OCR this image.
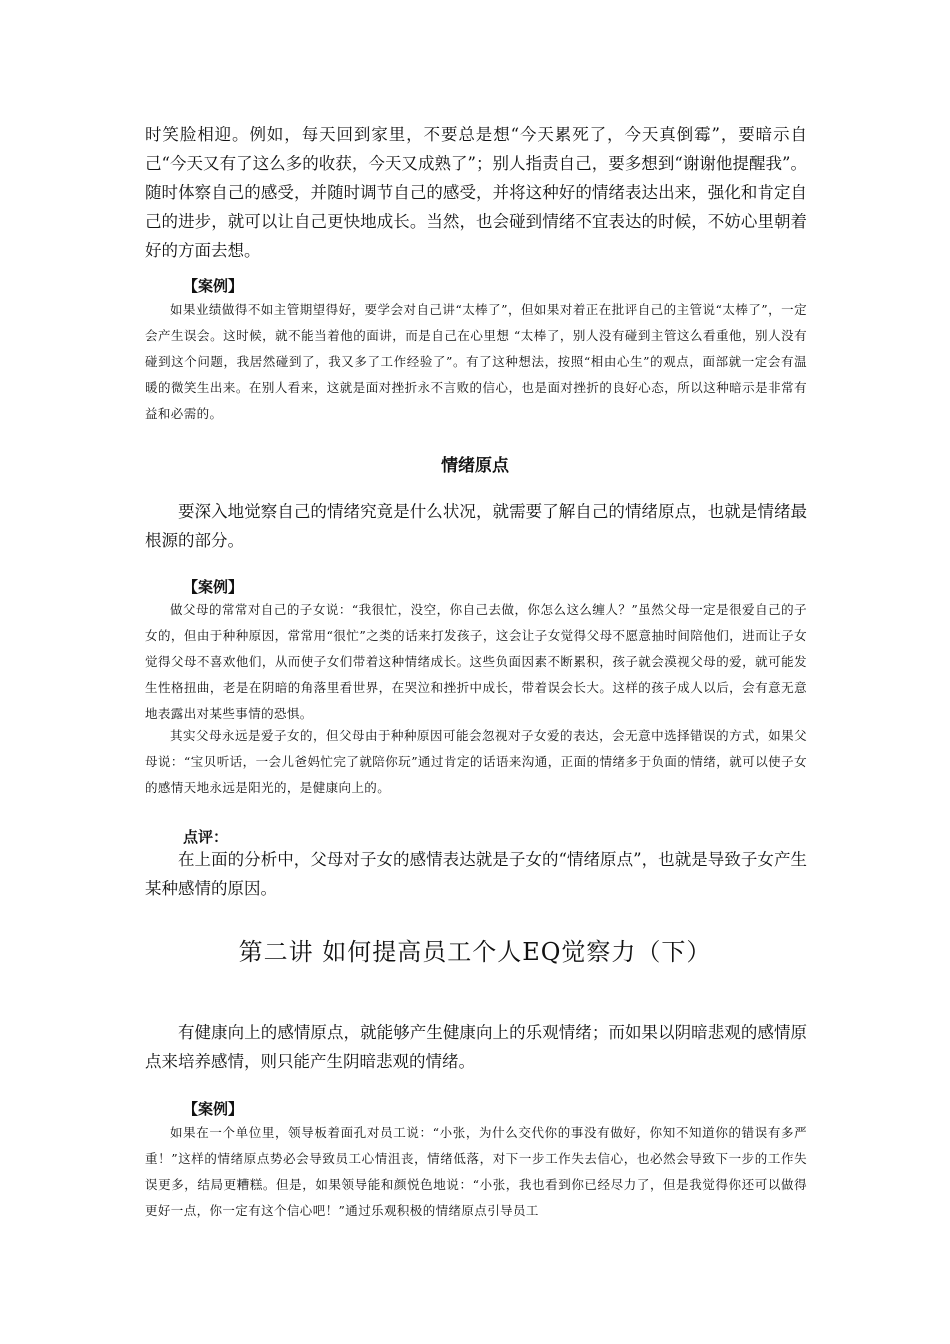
时笑脸相迎。例如，每天回到家里，不要总是想“今天累死了，今天真倒霉”，要暗示自己“今天又有了这么多的收获，今天又成熟了”；别人指责自己，要多想到“谢谢他提醒我”。随时体察自己的感受，并随时调节自己的感受，并将这种好的情绪表达出来，强化和肯定自己的进步，就可以让自己更快地成长。当然，也会碰到情绪不宜表达的时候，不妨心里朝着好的方面去想。

【案例】

如果业绩做得不如主管期望得好，要学会对自己讲“太棒了”，但如果对着正在批评自己的主管说“太棒了”，一定会产生误会。这时候，就不能当着他的面讲，而是自己在心里想 “太棒了，别人没有碰到主管这么看重他，别人没有碰到这个问题，我居然碰到了，我又多了工作经验了”。有了这种想法，按照“相由心生”的观点，面部就一定会有温暖的微笑生出来。在别人看来，这就是面对挫折永不言败的信心，也是面对挫折的良好心态，所以这种暗示是非常有益和必需的。

情绪原点

要深入地觉察自己的情绪究竟是什么状况，就需要了解自己的情绪原点，也就是情绪最根源的部分。

【案例】

做父母的常常对自己的子女说：“我很忙，没空，你自己去做，你怎么这么缠人？”虽然父母一定是很爱自己的子女的，但由于种种原因，常常用“很忙”之类的话来打发孩子，这会让子女觉得父母不愿意抽时间陪他们，进而让子女觉得父母不喜欢他们，从而使子女们带着这种情绪成长。这些负面因素不断累积，孩子就会漠视父母的爱，就可能发生性格扭曲，老是在阴暗的角落里看世界，在哭泣和挫折中成长，带着误会长大。这样的孩子成人以后，会有意无意地表露出对某些事情的恐惧。

其实父母永远是爱子女的，但父母由于种种原因可能会忽视对子女爱的表达，会无意中选择错误的方式，如果父母说：“宝贝听话，一会儿爸妈忙完了就陪你玩”通过肯定的话语来沟通，正面的情绪多于负面的情绪，就可以使子女的感情天地永远是阳光的，是健康向上的。

点评：

在上面的分析中，父母对子女的感情表达就是子女的“情绪原点”，也就是导致子女产生某种感情的原因。

第二讲 如何提高员工个人EQ觉察力（下）

有健康向上的感情原点，就能够产生健康向上的乐观情绪；而如果以阴暗悲观的感情原点来培养感情，则只能产生阴暗悲观的情绪。

【案例】

如果在一个单位里，领导板着面孔对员工说：“小张，为什么交代你的事没有做好，你知不知道你的错误有多严重！”这样的情绪原点势必会导致员工心情沮丧，情绪低落，对下一步工作失去信心，也必然会导致下一步的工作失误更多，结局更糟糕。但是，如果领导能和颜悦色地说：“小张，我也看到你已经尽力了，但是我觉得你还可以做得更好一点，你一定有这个信心吧！”通过乐观积极的情绪原点引导员工
